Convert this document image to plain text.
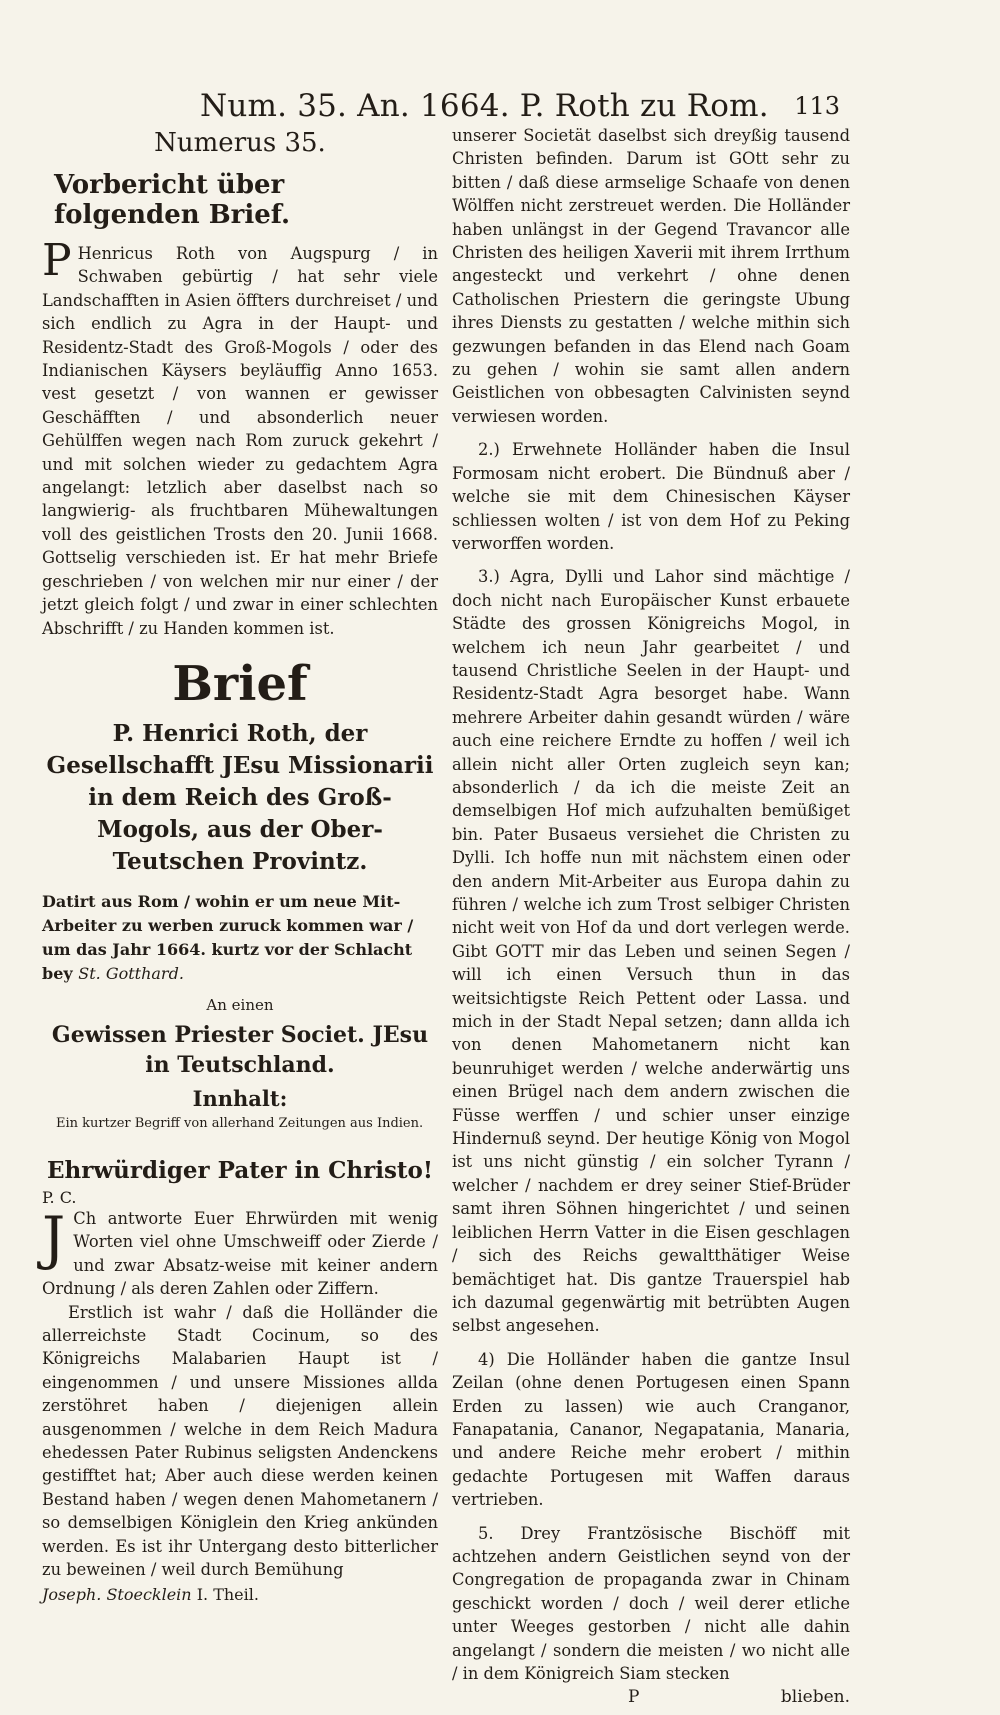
Num. 35. An. 1664. P. Roth zu Rom. 113
Numerus 35.
Vorbericht über folgenden Brief.

P Henricus Roth von Augspurg / in Schwaben gebürtig / hat sehr viele Landschafften in Asien öffters durchreiset / und sich endlich zu Agra in der Haupt- und Residentz-Stadt des Groß-Mogols / oder des Indianischen Käysers beyläuffig Anno 1653. vest gesetzt / von wannen er gewisser Geschäfften / und absonderlich neuer Gehülffen wegen nach Rom zuruck gekehrt / und mit solchen wieder zu gedachtem Agra angelangt: letzlich aber daselbst nach so langwierig- als fruchtbaren Mühewaltungen voll des geistlichen Trosts den 20. Junii 1668. Gottselig verschieden ist. Er hat mehr Briefe geschrieben / von welchen mir nur einer / der jetzt gleich folgt / und zwar in einer schlechten Abschrifft / zu Handen kommen ist.

Brief
P. Henrici Roth, der Gesellschafft JEsu Missionarii in dem Reich des Groß-Mogols, aus der Ober-Teutschen Provintz.

Datirt aus Rom / wohin er um neue Mit-Arbeiter zu werben zuruck kommen war / um das Jahr 1664. kurtz vor der Schlacht bey St. Gotthard.

An einen
Gewissen Priester Societ. JEsu in Teutschland.
Innhalt:
Ein kurtzer Begriff von allerhand Zeitungen aus Indien.
Ehrwürdiger Pater in Christo!

P. C.

J Ch antworte Euer Ehrwürden mit wenig Worten viel ohne Umschweiff oder Zierde / und zwar Absatz-weise mit keiner andern Ordnung / als deren Zahlen oder Ziffern.

Erstlich ist wahr / daß die Holländer die allerreichste Stadt Cocinum, so des Königreichs Malabarien Haupt ist / eingenommen / und unsere Missiones allda zerstöhret haben / diejenigen allein ausgenommen / welche in dem Reich Madura ehedessen Pater Rubinus seligsten Andenckens gestifftet hat; Aber auch diese werden keinen Bestand haben / wegen denen Mahometanern / so demselbigen Königlein den Krieg ankünden werden. Es ist ihr Untergang desto bitterlicher zu beweinen / weil durch Bemühung

Joseph. Stoecklein I. Theil.

unserer Societät daselbst sich dreyßig tausend Christen befinden. Darum ist GOtt sehr zu bitten / daß diese armselige Schaafe von denen Wölffen nicht zerstreuet werden. Die Holländer haben unlängst in der Gegend Travancor alle Christen des heiligen Xaverii mit ihrem Irrthum angesteckt und verkehrt / ohne denen Catholischen Priestern die geringste Ubung ihres Diensts zu gestatten / welche mithin sich gezwungen befanden in das Elend nach Goam zu gehen / wohin sie samt allen andern Geistlichen von obbesagten Calvinisten seynd verwiesen worden.

2.) Erwehnete Holländer haben die Insul Formosam nicht erobert. Die Bündnuß aber / welche sie mit dem Chinesischen Käyser schliessen wolten / ist von dem Hof zu Peking verworffen worden.

3.) Agra, Dylli und Lahor sind mächtige / doch nicht nach Europäischer Kunst erbauete Städte des grossen Königreichs Mogol, in welchem ich neun Jahr gearbeitet / und tausend Christliche Seelen in der Haupt- und Residentz-Stadt Agra besorget habe. Wann mehrere Arbeiter dahin gesandt würden / wäre auch eine reichere Erndte zu hoffen / weil ich allein nicht aller Orten zugleich seyn kan; absonderlich / da ich die meiste Zeit an demselbigen Hof mich aufzuhalten bemüßiget bin. Pater Busaeus versiehet die Christen zu Dylli. Ich hoffe nun mit nächstem einen oder den andern Mit-Arbeiter aus Europa dahin zu führen / welche ich zum Trost selbiger Christen nicht weit von Hof da und dort verlegen werde. Gibt GOTT mir das Leben und seinen Segen / will ich einen Versuch thun in das weitsichtigste Reich Pettent oder Lassa. und mich in der Stadt Nepal setzen; dann allda ich von denen Mahometanern nicht kan beunruhiget werden / welche anderwärtig uns einen Brügel nach dem andern zwischen die Füsse werffen / und schier unser einzige Hindernuß seynd. Der heutige König von Mogol ist uns nicht günstig / ein solcher Tyrann / welcher / nachdem er drey seiner Stief-Brüder samt ihren Söhnen hingerichtet / und seinen leiblichen Herrn Vatter in die Eisen geschlagen / sich des Reichs gewaltthätiger Weise bemächtiget hat. Dis gantze Trauerspiel hab ich dazumal gegenwärtig mit betrübten Augen selbst angesehen.

4) Die Holländer haben die gantze Insul Zeilan (ohne denen Portugesen einen Spann Erden zu lassen) wie auch Cranganor, Fanapatania, Cananor, Negapatania, Manaria, und andere Reiche mehr erobert / mithin gedachte Portugesen mit Waffen daraus vertrieben.

5. Drey Frantzösische Bischöff mit achtzehen andern Geistlichen seynd von der Congregation de propaganda zwar in Chinam geschickt worden / doch / weil derer etliche unter Weeges gestorben / nicht alle dahin angelangt / sondern die meisten / wo nicht alle / in dem Königreich Siam stecken

P	blieben.
